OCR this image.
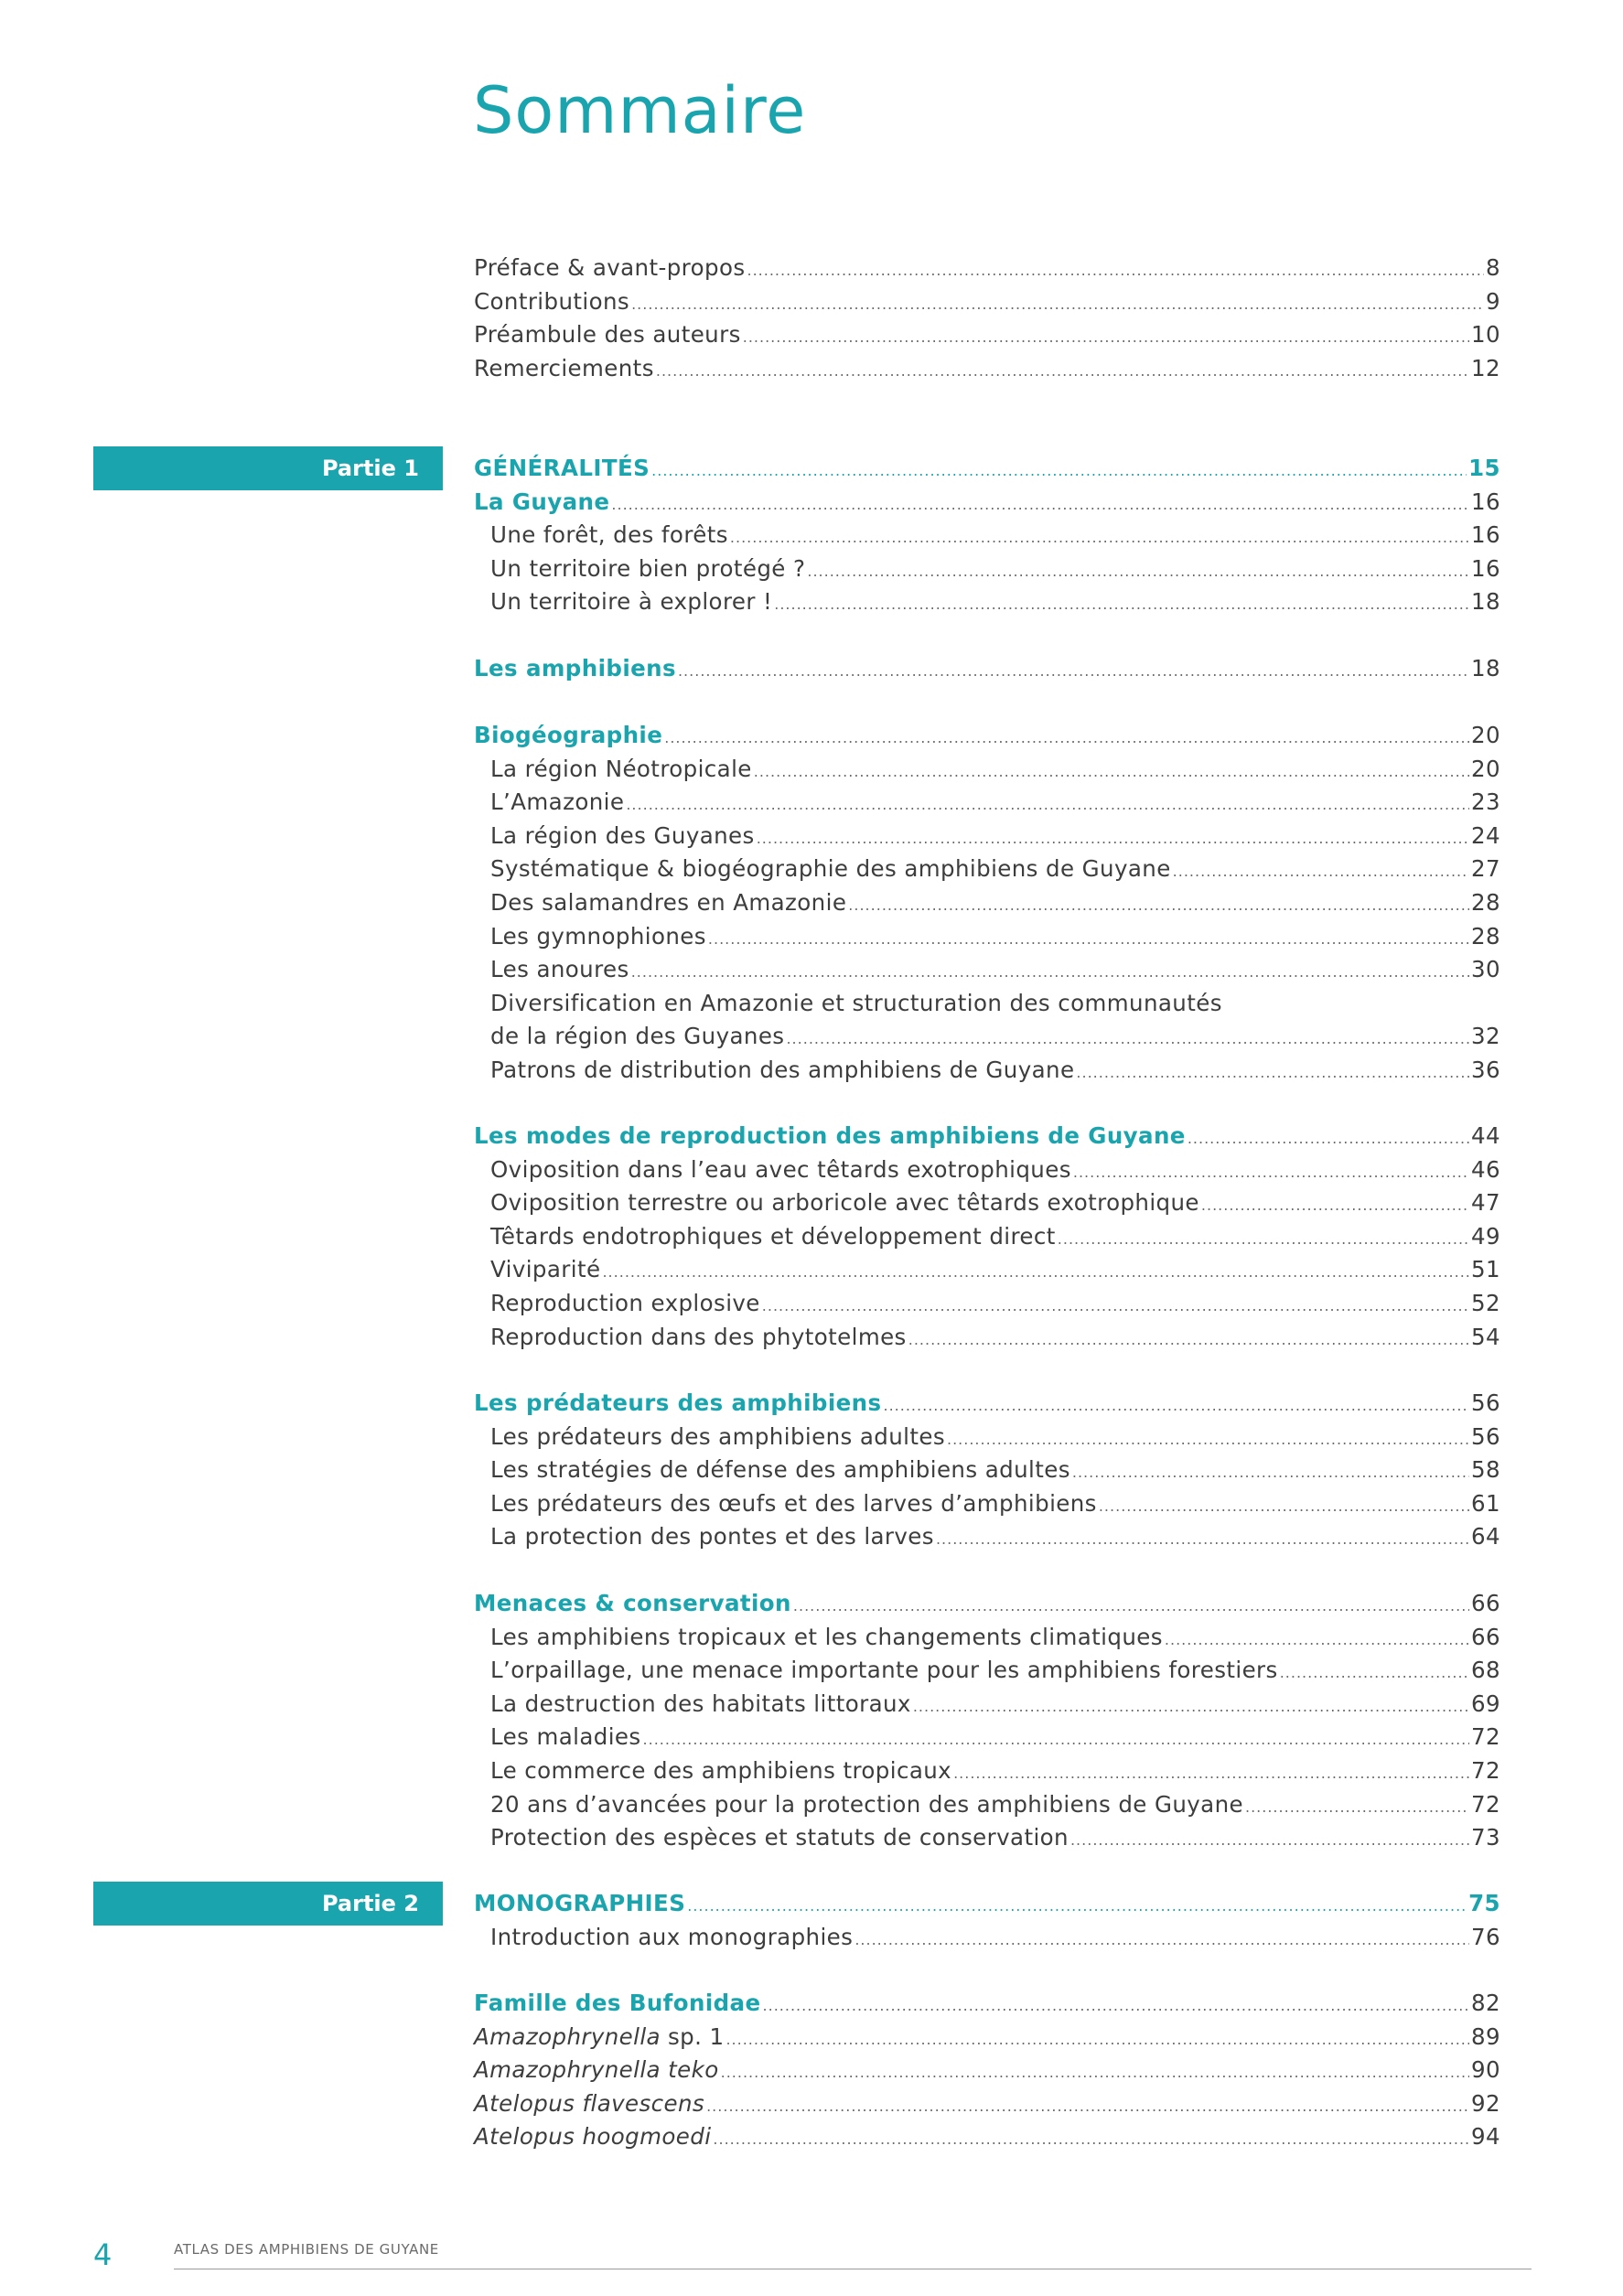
Sommaire
Préface & avant-propos .....	8
Contributions .....	9
Préambule des auteurs .....	10
Remerciements .....	12
Partie 1	GÉNÉRALITÉS .....	15
La Guyane .....	16
Une forêt, des forêts .....	16
Un territoire bien protégé ? .....	16
Un territoire à explorer ! .....	18
Les amphibiens .....	18
Biogéographie .....	20
La région Néotropicale .....	20
L’Amazonie .....	23
La région des Guyanes .....	24
Systématique & biogéographie des amphibiens de Guyane .....	27
Des salamandres en Amazonie .....	28
Les gymnophiones .....	28
Les anoures .....	30
Diversification en Amazonie et structuration des communautés
de la région des Guyanes .....	32
Patrons de distribution des amphibiens de Guyane .....	36
Les modes de reproduction des amphibiens de Guyane .....	44
Oviposition dans l’eau avec têtards exotrophiques .....	46
Oviposition terrestre ou arboricole avec têtards exotrophique .....	47
Têtards endotrophiques et développement direct .....	49
Viviparité .....	51
Reproduction explosive .....	52
Reproduction dans des phytotelmes .....	54
Les prédateurs des amphibiens .....	56
Les prédateurs des amphibiens adultes .....	56
Les stratégies de défense des amphibiens adultes .....	58
Les prédateurs des œufs et des larves d’amphibiens .....	61
La protection des pontes et des larves .....	64
Menaces & conservation .....	66
Les amphibiens tropicaux et les changements climatiques .....	66
L’orpaillage, une menace importante pour les amphibiens forestiers .....	68
La destruction des habitats littoraux .....	69
Les maladies .....	72
Le commerce des amphibiens tropicaux .....	72
20 ans d’avancées pour la protection des amphibiens de Guyane .....	72
Protection des espèces et statuts de conservation .....	73
Partie 2	MONOGRAPHIES .....	75
Introduction aux monographies .....	76
Famille des Bufonidae .....	82
Amazophrynella sp. 1 .....	89
Amazophrynella teko .....	90
Atelopus flavescens .....	92
Atelopus hoogmoedi .....	94
4	ATLAS DES AMPHIBIENS DE GUYANE
